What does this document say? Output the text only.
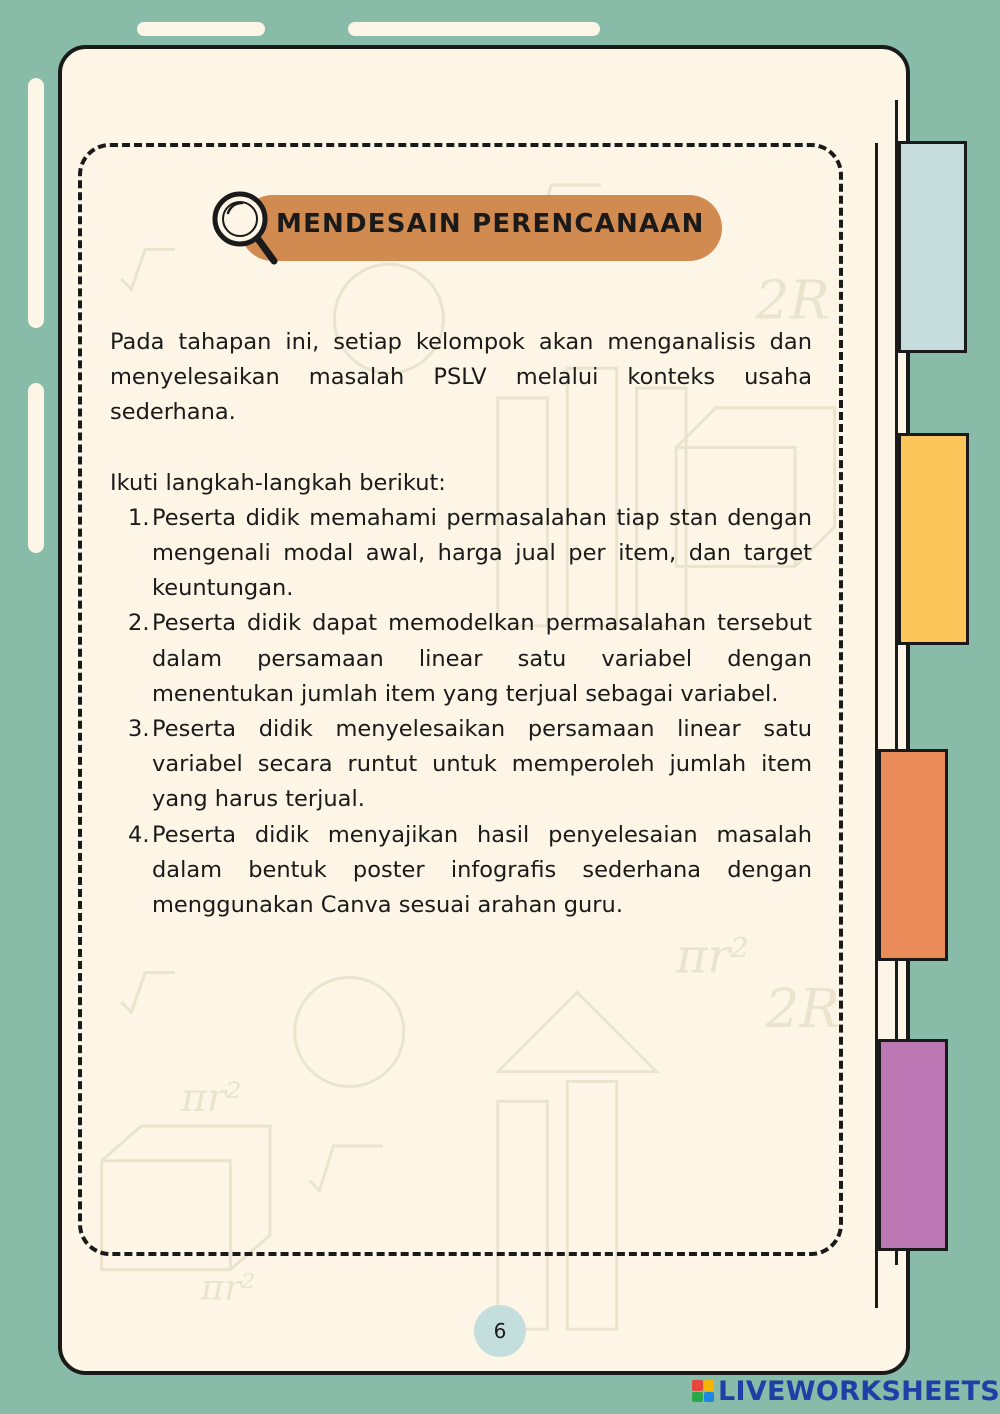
2R
2R
πr²
πr²
πr²
MENDESAIN PERENCANAAN

Pada tahapan ini, setiap kelompok akan menganalisis dan menyelesaikan masalah PSLV melalui konteks usaha sederhana.

Ikuti langkah-langkah berikut:

1. Peserta didik memahami permasalahan tiap stan dengan mengenali modal awal, harga jual per item, dan target keuntungan.
2. Peserta didik dapat memodelkan permasalahan tersebut dalam persamaan linear satu variabel dengan menentukan jumlah item yang terjual sebagai variabel.
3. Peserta didik menyelesaikan persamaan linear satu variabel secara runtut untuk memperoleh jumlah item yang harus terjual.
4. Peserta didik menyajikan hasil penyelesaian masalah dalam bentuk poster infografis sederhana dengan menggunakan Canva sesuai arahan guru.
6
LIVEWORKSHEETS
